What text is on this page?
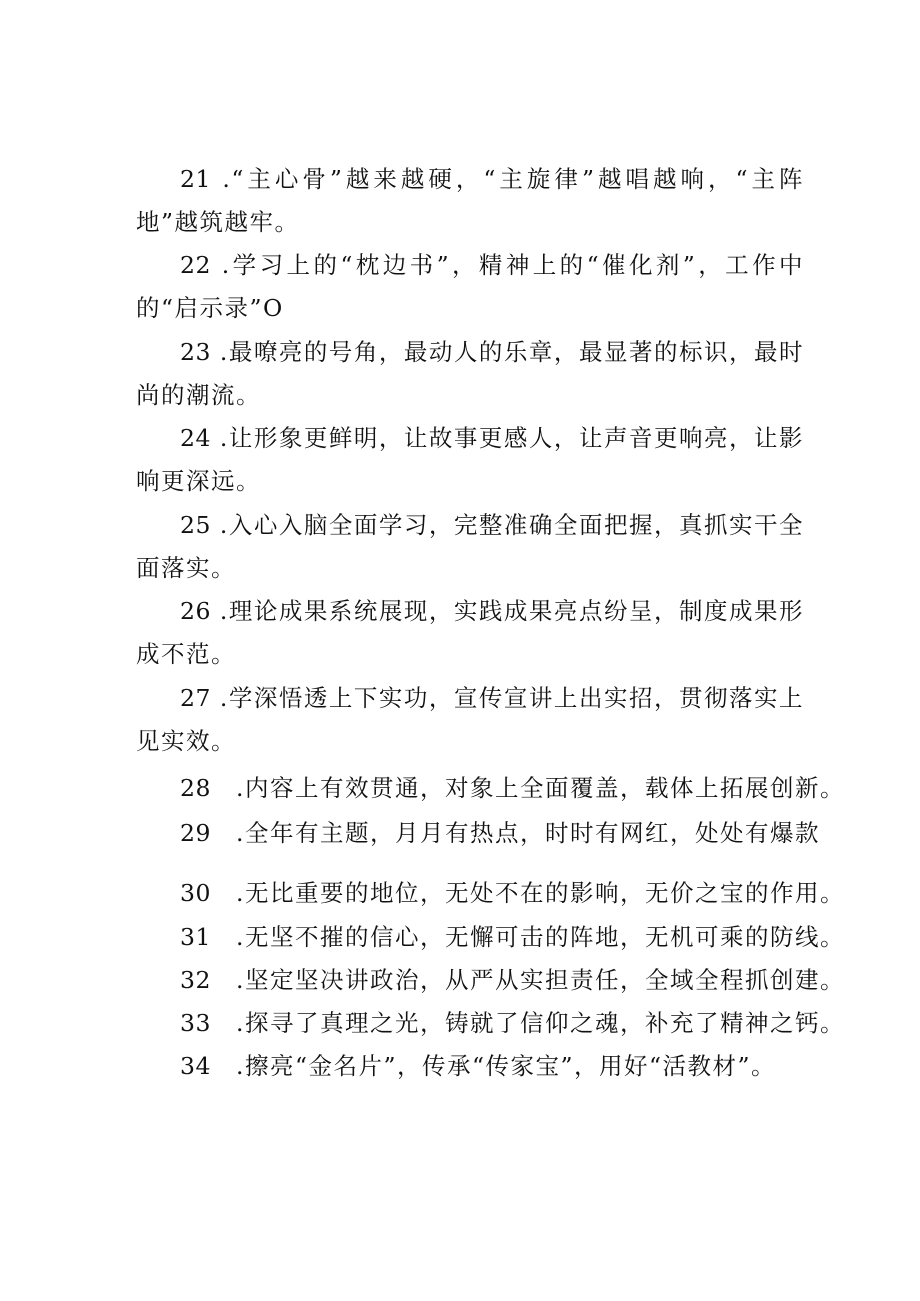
21 .“主心骨”越来越硬，“主旋律”越唱越响，“主阵地”越筑越牢。

22 .学习上的“枕边书”，精神上的“催化剂”，工作中的“启示录”O

23 .最嘹亮的号角，最动人的乐章，最显著的标识，最时尚的潮流。

24 .让形象更鲜明，让故事更感人，让声音更响亮，让影响更深远。

25 .入心入脑全面学习，完整准确全面把握，真抓实干全面落实。

26 .理论成果系统展现，实践成果亮点纷呈，制度成果形成不范。

27 .学深悟透上下实功，宣传宣讲上出实招，贯彻落实上见实效。

28 .内容上有效贯通，对象上全面覆盖，载体上拓展创新。
29 .全年有主题，月月有热点，时时有网红，处处有爆款
30 .无比重要的地位，无处不在的影响，无价之宝的作用。
31 .无坚不摧的信心，无懈可击的阵地，无机可乘的防线。
32 .坚定坚决讲政治，从严从实担责任，全域全程抓创建。
33 .探寻了真理之光，铸就了信仰之魂，补充了精神之钙。
34 .擦亮“金名片”，传承“传家宝”，用好“活教材”。
